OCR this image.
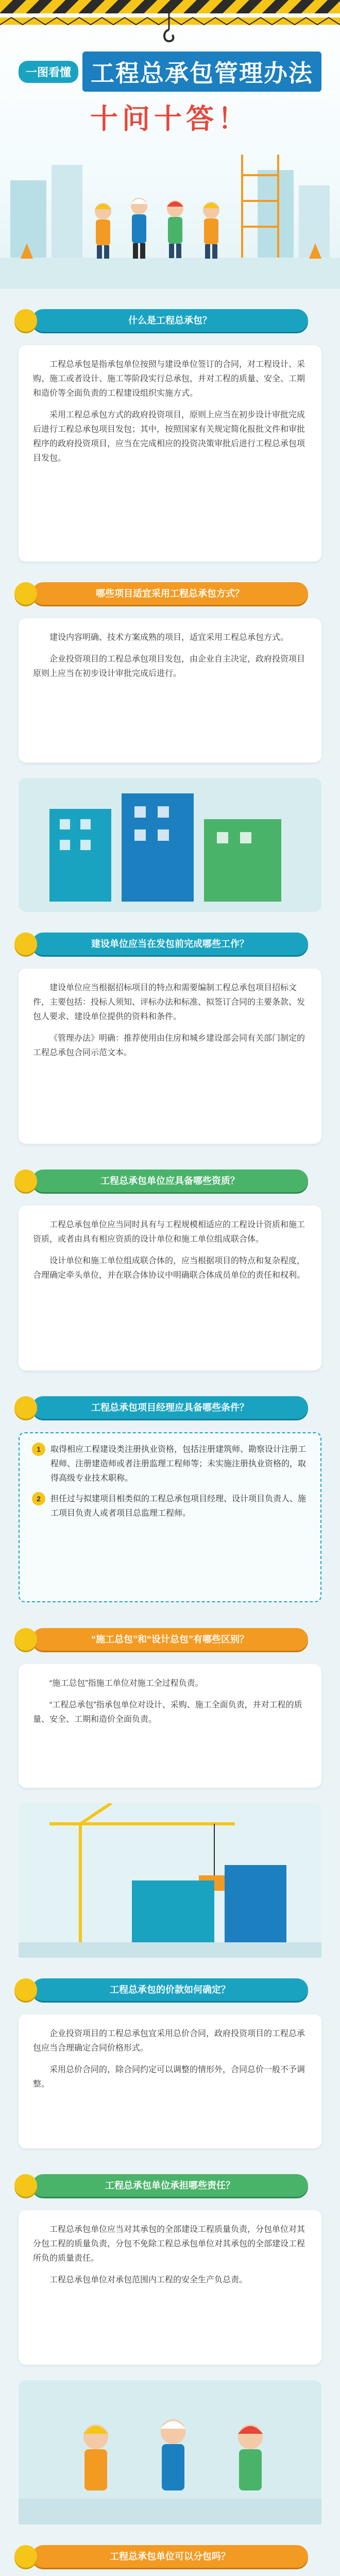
一图看懂 工程总承包管理办法
十问十答！
什么是工程总承包？

工程总承包是指承包单位按照与建设单位签订的合同，对工程设计、采购、施工或者设计、施工等阶段实行总承包，并对工程的质量、安全、工期和造价等全面负责的工程建设组织实施方式。

采用工程总承包方式的政府投资项目，原则上应当在初步设计审批完成后进行工程总承包项目发包；其中，按照国家有关规定简化报批文件和审批程序的政府投资项目，应当在完成相应的投资决策审批后进行工程总承包项目发包。

哪些项目适宜采用工程总承包方式？

建设内容明确、技术方案成熟的项目，适宜采用工程总承包方式。

企业投资项目的工程总承包项目发包，由企业自主决定，政府投资项目原则上应当在初步设计审批完成后进行。

建设单位应当在发包前完成哪些工作？

建设单位应当根据招标项目的特点和需要编制工程总承包项目招标文件，主要包括：投标人须知、评标办法和标准、拟签订合同的主要条款、发包人要求、建设单位提供的资料和条件。

《管理办法》明确：推荐使用由住房和城乡建设部会同有关部门制定的工程总承包合同示范文本。

工程总承包单位应具备哪些资质？

工程总承包单位应当同时具有与工程规模相适应的工程设计资质和施工资质，或者由具有相应资质的设计单位和施工单位组成联合体。

设计单位和施工单位组成联合体的，应当根据项目的特点和复杂程度，合理确定牵头单位，并在联合体协议中明确联合体成员单位的责任和权利。

工程总承包项目经理应具备哪些条件？
1	取得相应工程建设类注册执业资格，包括注册建筑师、勘察设计注册工程师、注册建造师或者注册监理工程师等；未实施注册执业资格的，取得高级专业技术职称。
2	担任过与拟建项目相类似的工程总承包项目经理、设计项目负责人、施工项目负责人或者项目总监理工程师。
“施工总包”和“设计总包”有哪些区别？

“施工总包”指施工单位对施工全过程负责。

“工程总承包”指承包单位对设计、采购、施工全面负责，并对工程的质量、安全、工期和造价全面负责。

工程总承包的价款如何确定？

企业投资项目的工程总承包宜采用总价合同，政府投资项目的工程总承包应当合理确定合同价格形式。

采用总价合同的，除合同约定可以调整的情形外，合同总价一般不予调整。

工程总承包单位承担哪些责任？

工程总承包单位应当对其承包的全部建设工程质量负责，分包单位对其分包工程的质量负责，分包不免除工程总承包单位对其承包的全部建设工程所负的质量责任。

工程总承包单位对承包范围内工程的安全生产负总责。

工程总承包单位可以分包吗？
